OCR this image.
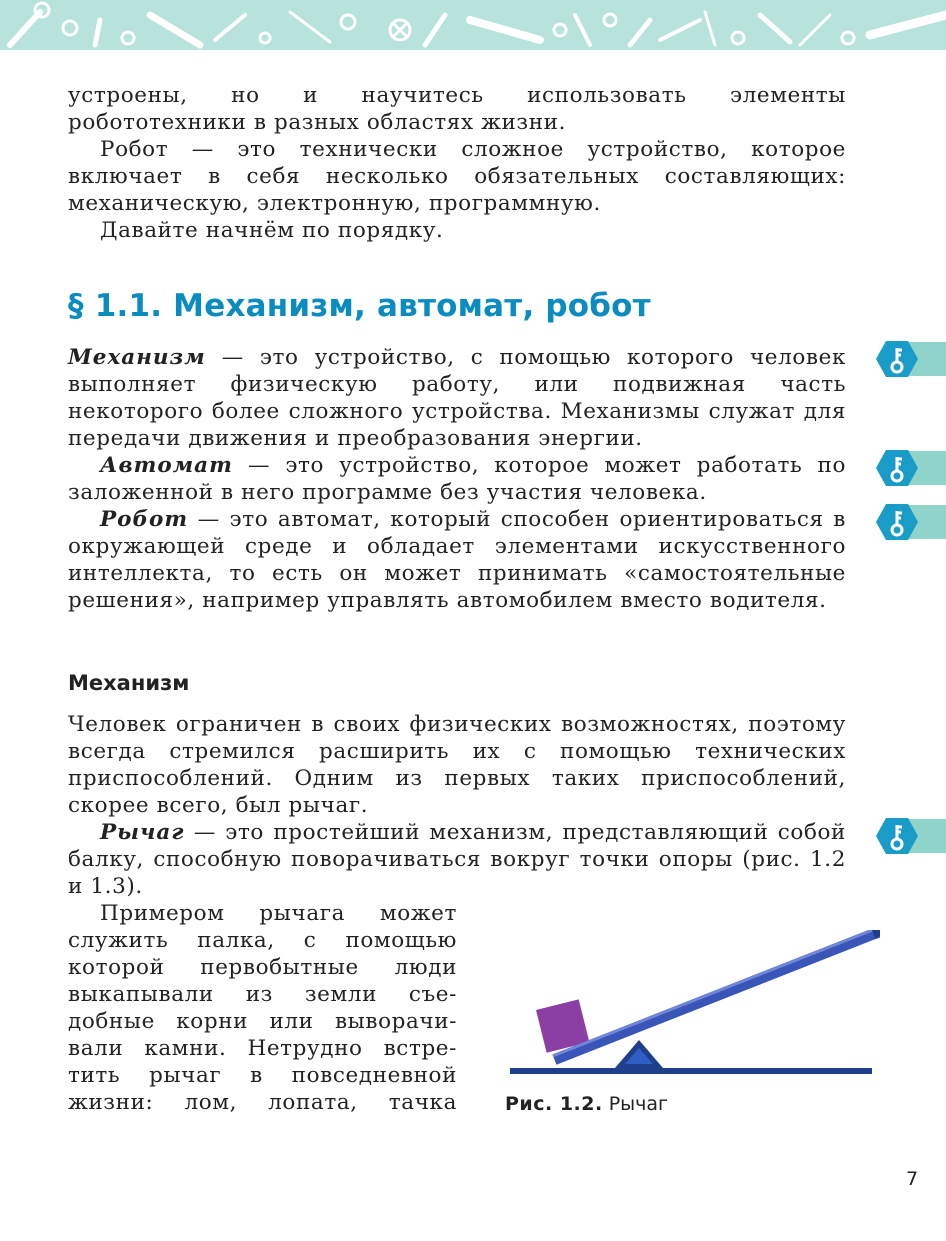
устроены, но и научитесь использовать элементы робототехники в разных областях жизни.

Робот — это технически сложное устройство, которое включает в себя несколько обязательных составляющих: механическую, электронную, программную.

Давайте начнём по порядку.

§ 1.1. Механизм, автомат, робот

Механизм — это устройство, с помощью которого человек выполняет физическую работу, или подвижная часть некоторого более сложного устройства. Механизмы служат для передачи движения и преобразования энергии.

Автомат — это устройство, которое может работать по заложенной в него программе без участия человека.

Робот — это автомат, который способен ориентироваться в окружающей среде и обладает элементами искусственного интеллекта, то есть он может принимать «самостоятельные решения», например управлять автомобилем вместо водителя.

Механизм

Человек ограничен в своих физических возможностях, поэтому всегда стремился расширить их с помощью технических приспособлений. Одним из первых таких приспособлений, скорее всего, был рычаг.

Рычаг — это простейший механизм, представляющий собой балку, способную поворачиваться вокруг точки опоры (рис. 1.2 и 1.3).

Примером рычага может
служить палка, с помощью
которой первобытные люди
выкапывали из земли съе-
добные корни или выворачи-
вали камни. Нетрудно встре-
тить рычаг в повседневной
жизни: лом, лопата, тачка	Рис. 1.2. Рычаг
7
